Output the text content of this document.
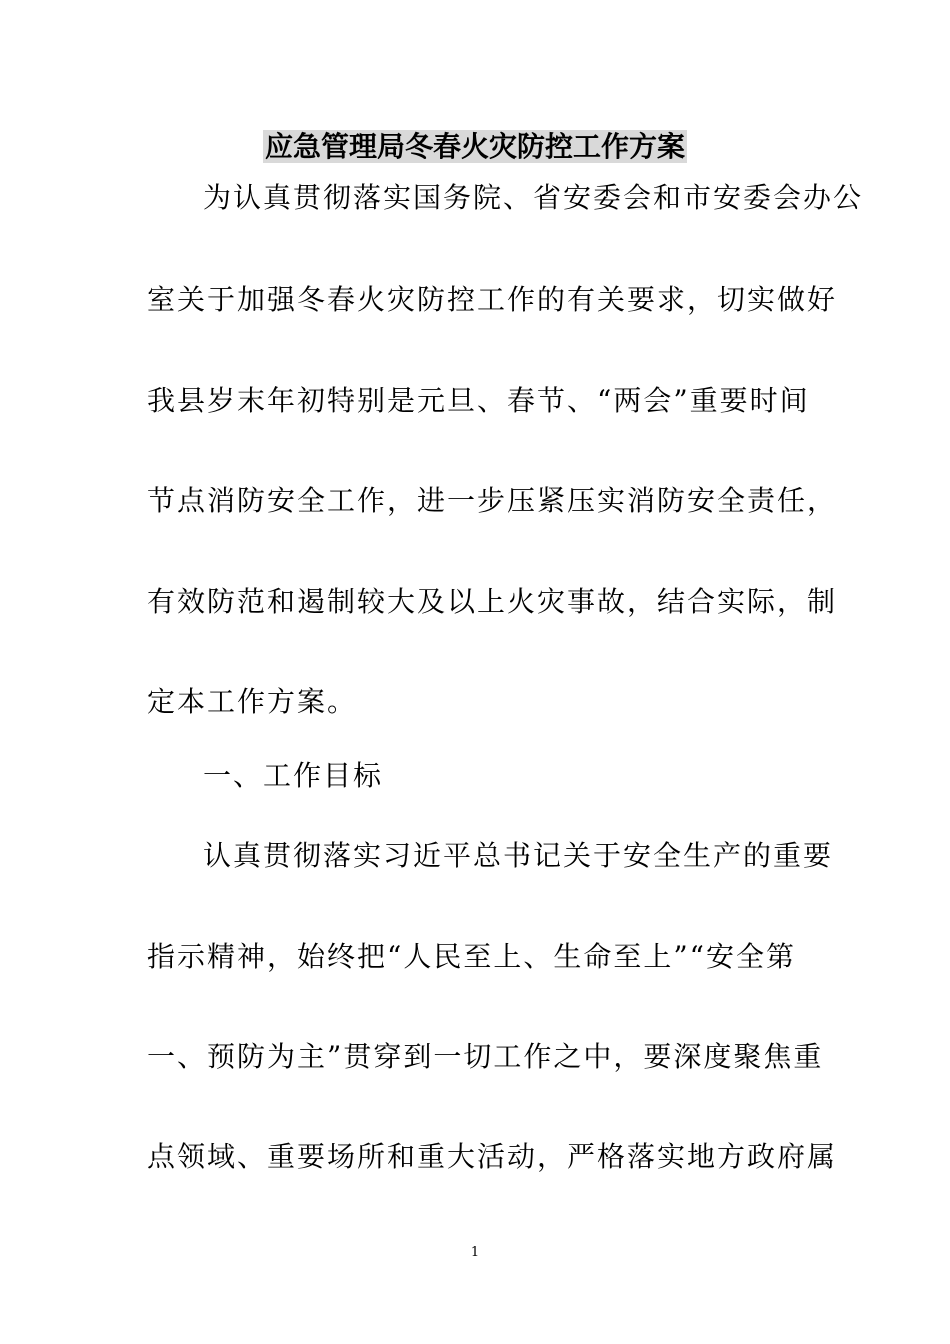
应急管理局冬春火灾防控工作方案
为认真贯彻落实国务院、省安委会和市安委会办公
室关于加强冬春火灾防控工作的有关要求，切实做好
我县岁末年初特别是元旦、春节、“两会”重要时间
节点消防安全工作，进一步压紧压实消防安全责任，
有效防范和遏制较大及以上火灾事故，结合实际，制
定本工作方案。
一、工作目标
认真贯彻落实习近平总书记关于安全生产的重要
指示精神，始终把“人民至上、生命至上”“安全第
一、预防为主”贯穿到一切工作之中，要深度聚焦重
点领域、重要场所和重大活动，严格落实地方政府属
1
